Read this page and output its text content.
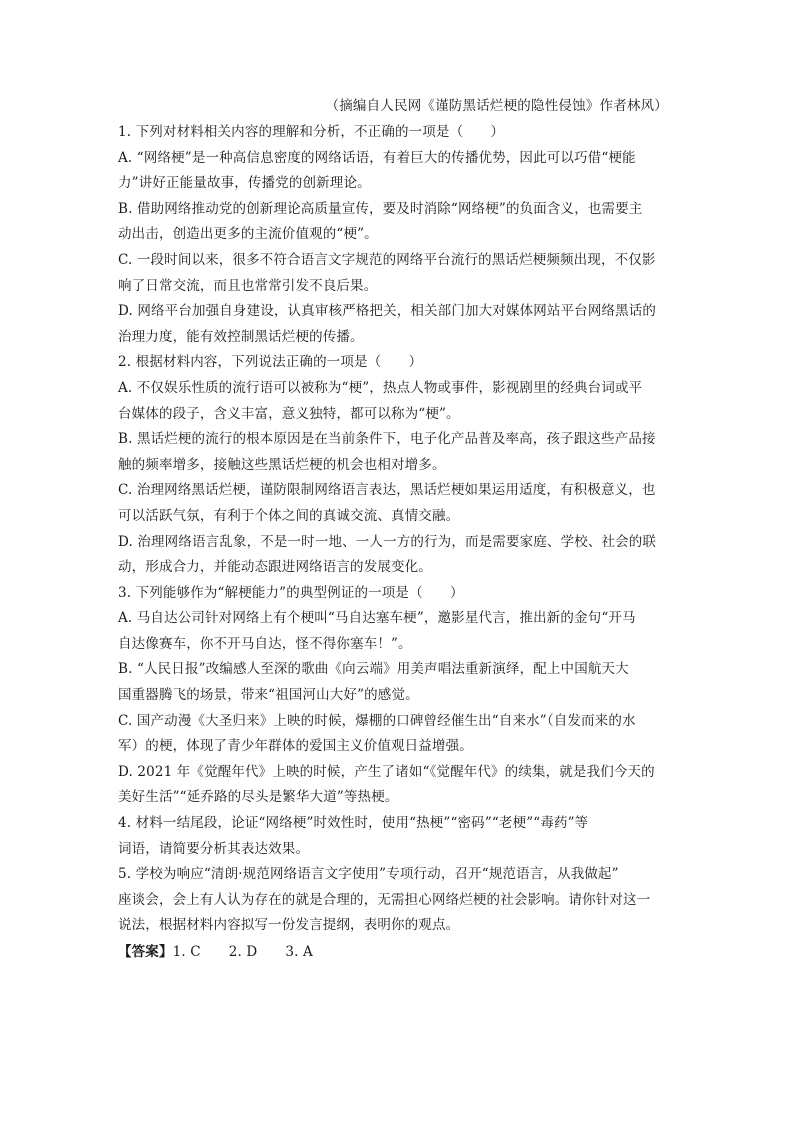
（摘编自人民网《谨防黑话烂梗的隐性侵蚀》作者林风）
1. 下列对材料相关内容的理解和分析，不正确的一项是（　　）
A. “网络梗”是一种高信息密度的网络话语，有着巨大的传播优势，因此可以巧借“梗能
力”讲好正能量故事，传播党的创新理论。
B. 借助网络推动党的创新理论高质量宣传，要及时消除“网络梗”的负面含义，也需要主
动出击，创造出更多的主流价值观的“梗”。
C. 一段时间以来，很多不符合语言文字规范的网络平台流行的黑话烂梗频频出现，不仅影
响了日常交流，而且也常常引发不良后果。
D. 网络平台加强自身建设，认真审核严格把关，相关部门加大对媒体网站平台网络黑话的
治理力度，能有效控制黑话烂梗的传播。
2. 根据材料内容，下列说法正确的一项是（　　）
A. 不仅娱乐性质的流行语可以被称为“梗”，热点人物或事件，影视剧里的经典台词或平
台媒体的段子，含义丰富，意义独特，都可以称为“梗”。
B. 黑话烂梗的流行的根本原因是在当前条件下，电子化产品普及率高，孩子跟这些产品接
触的频率增多，接触这些黑话烂梗的机会也相对增多。
C. 治理网络黑话烂梗，谨防限制网络语言表达，黑话烂梗如果运用适度，有积极意义，也
可以活跃气氛，有利于个体之间的真诚交流、真情交融。
D. 治理网络语言乱象，不是一时一地、一人一方的行为，而是需要家庭、学校、社会的联
动，形成合力，并能动态跟进网络语言的发展变化。
3. 下列能够作为“解梗能力”的典型例证的一项是（　　）
A. 马自达公司针对网络上有个梗叫“马自达塞车梗”，邀影星代言，推出新的金句“开马
自达像赛车，你不开马自达，怪不得你塞车！”。
B. “人民日报”改编感人至深的歌曲《向云端》用美声唱法重新演绎，配上中国航天大
国重器腾飞的场景，带来“祖国河山大好”的感觉。
C. 国产动漫《大圣归来》上映的时候，爆棚的口碑曾经催生出“自来水”（自发而来的水
军）的梗，体现了青少年群体的爱国主义价值观日益增强。
D. 2021 年《觉醒年代》上映的时候，产生了诸如“《觉醒年代》的续集，就是我们今天的
美好生活”“延乔路的尽头是繁华大道”等热梗。
4. 材料一结尾段，论证“网络梗”时效性时，使用“热梗”“密码”“老梗”“毒药”等
词语，请简要分析其表达效果。
5. 学校为响应“清朗·规范网络语言文字使用”专项行动，召开“规范语言，从我做起”
座谈会，会上有人认为存在的就是合理的，无需担心网络烂梗的社会影响。请你针对这一
说法，根据材料内容拟写一份发言提纲，表明你的观点。
【答案】1. C 2. D 3. A
